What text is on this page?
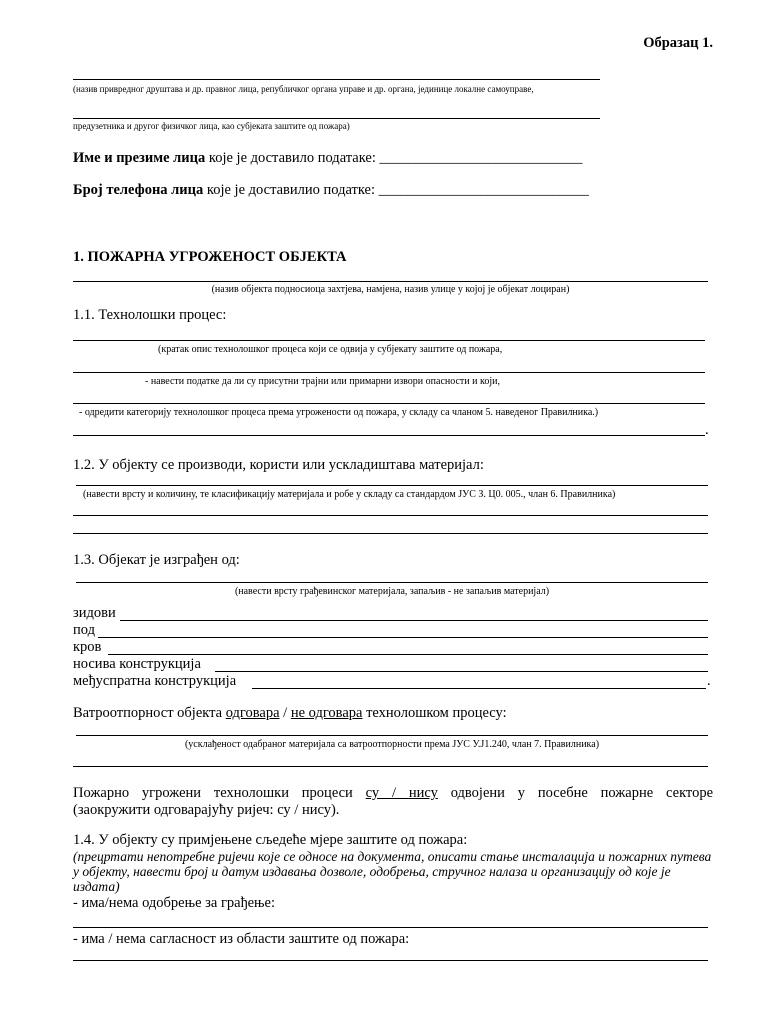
Образац 1.
(назив привредног друштава и др. правног лица, републичког органа управе и др. органа, јединице локалне самоуправе,
предузетника и другог физичког лица, као субјеката заштите од пожара)
Име и презиме лица које је доставило податаке: ____________________________
Број телефона лица које је доставилио податке: _____________________________
1. ПОЖАРНА УГРОЖЕНОСТ ОБЈЕКТА
(назив објекта подносиоца захтјева, намјена, назив улице у којој је објекат лоциран)
1.1. Технолошки процес:
(кратак опис технолошког процеса који се одвија у субјекату заштите од пожара,
- навести податке да ли су присутни трајни или примарни извори опасности и који,
- одредити категорију технолошког процеса према угрожености од пожара, у складу са чланом 5. наведеног Правилника.)
.
1.2. У објекту се производи, користи или ускладиштава материјал:
(навести врсту и количину, те класификацију материјала и робе у складу са стандардом ЈУС З. Ц0. 005., члан 6. Правилника)
1.3. Објекат је изграђен од:
(навести врсту грађевинског материјала, запаљив - не запаљив материјал)
зидови
под
кров
носива конструкција
међуспратна конструкција	.
Ватроотпорност објекта одговара / не одговара технолошком процесу:
(усклађеност одабраног материјала са ватроотпорности према ЈУС У.Ј1.240, члан 7. Правилника)
Пожарно угрожени технолошки процеси су / нису одвојени у посебне пожарне секторе
(заокружити одговарајућу ријеч: су / нису).
1.4. У објекту су примјењене сљедеће мјере заштите од пожара:
(прецртати непотребне ријечи које се односе на документа, описати стање инсталација и пожарних путева у објекту, навести број и датум издавања дозволе, одобрења, стручног налаза и организацију од које је издата)
- има/нема одобрење за грађење:
- има / нема сагласност из области заштите од пожара:
